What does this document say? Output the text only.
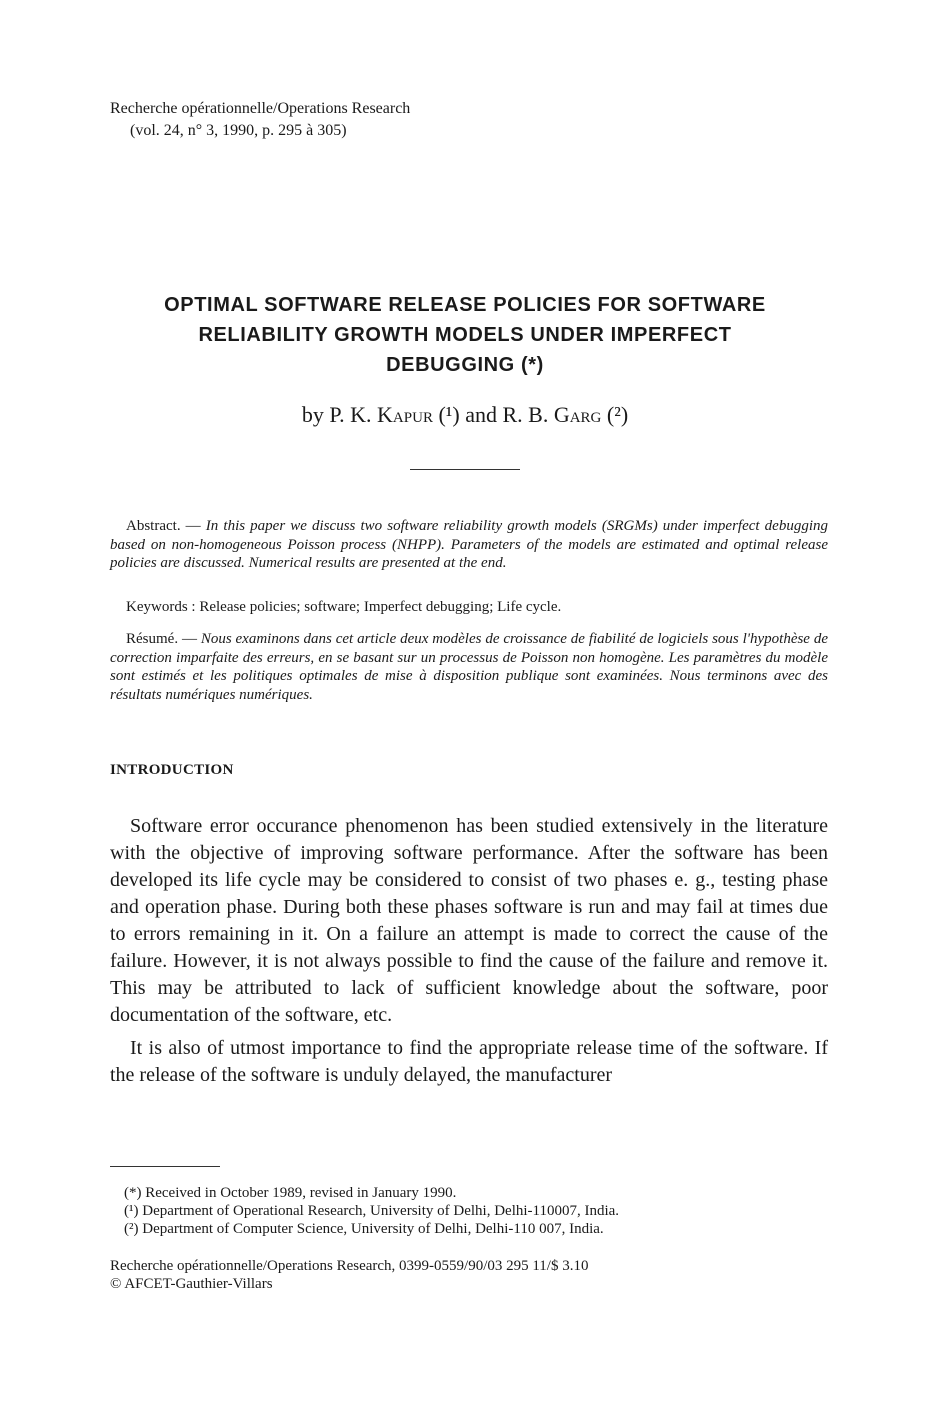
Recherche opérationnelle/Operations Research
(vol. 24, n° 3, 1990, p. 295 à 305)
OPTIMAL SOFTWARE RELEASE POLICIES FOR SOFTWARE
RELIABILITY GROWTH MODELS UNDER IMPERFECT
DEBUGGING (*)
by P. K. Kapur (¹) and R. B. Garg (²)
Abstract. — In this paper we discuss two software reliability growth models (SRGMs) under imperfect debugging based on non-homogeneous Poisson process (NHPP). Parameters of the models are estimated and optimal release policies are discussed. Numerical results are presented at the end.
Keywords : Release policies; software; Imperfect debugging; Life cycle.
Résumé. — Nous examinons dans cet article deux modèles de croissance de fiabilité de logiciels sous l'hypothèse de correction imparfaite des erreurs, en se basant sur un processus de Poisson non homogène. Les paramètres du modèle sont estimés et les politiques optimales de mise à disposition publique sont examinées. Nous terminons avec des résultats numériques numériques.
INTRODUCTION

Software error occurance phenomenon has been studied extensively in the literature with the objective of improving software performance. After the software has been developed its life cycle may be considered to consist of two phases e. g., testing phase and operation phase. During both these phases software is run and may fail at times due to errors remaining in it. On a failure an attempt is made to correct the cause of the failure. However, it is not always possible to find the cause of the failure and remove it. This may be attributed to lack of sufficient knowledge about the software, poor documentation of the software, etc.

It is also of utmost importance to find the appropriate release time of the software. If the release of the software is unduly delayed, the manufacturer

(*) Received in October 1989, revised in January 1990.
(¹) Department of Operational Research, University of Delhi, Delhi-110007, India.
(²) Department of Computer Science, University of Delhi, Delhi-110 007, India.
Recherche opérationnelle/Operations Research, 0399-0559/90/03 295 11/$ 3.10
© AFCET-Gauthier-Villars
